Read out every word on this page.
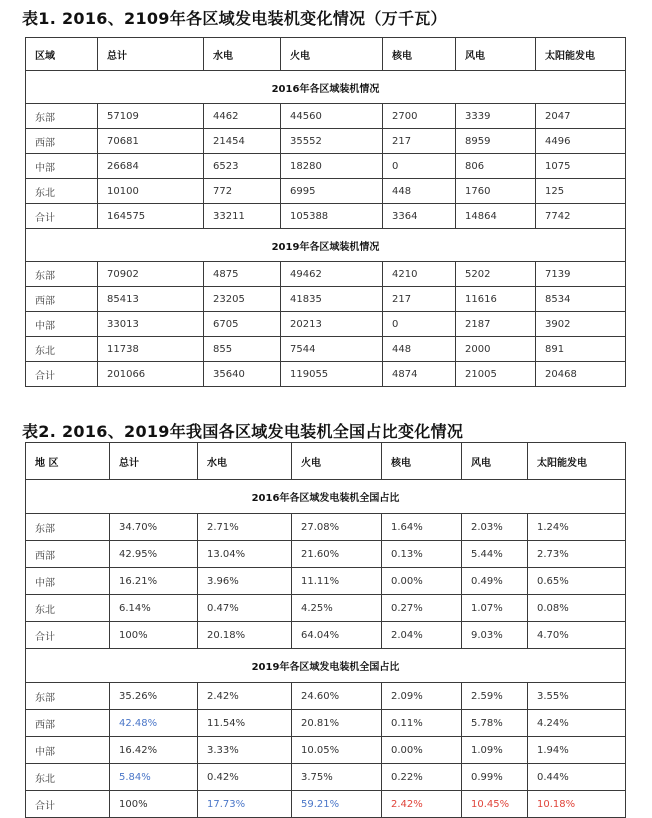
表1. 2016、2109年各区域发电装机变化情况（万千瓦）
区域	总计	水电	火电	核电	风电	太阳能发电
2016年各区域装机情况						
东部	57109	4462	44560	2700	3339	2047
西部	70681	21454	35552	217	8959	4496
中部	26684	6523	18280	0	806	1075
东北	10100	772	6995	448	1760	125
合计	164575	33211	105388	3364	14864	7742
2019年各区域装机情况						
东部	70902	4875	49462	4210	5202	7139
西部	85413	23205	41835	217	11616	8534
中部	33013	6705	20213	0	2187	3902
东北	11738	855	7544	448	2000	891
合计	201066	35640	119055	4874	21005	20468
表2. 2016、2019年我国各区域发电装机全国占比变化情况
地 区	总计	水电	火电	核电	风电	太阳能发电
2016年各区域发电装机全国占比						
东部	34.70%	2.71%	27.08%	1.64%	2.03%	1.24%
西部	42.95%	13.04%	21.60%	0.13%	5.44%	2.73%
中部	16.21%	3.96%	11.11%	0.00%	0.49%	0.65%
东北	6.14%	0.47%	4.25%	0.27%	1.07%	0.08%
合计	100%	20.18%	64.04%	2.04%	9.03%	4.70%
2019年各区域发电装机全国占比						
东部	35.26%	2.42%	24.60%	2.09%	2.59%	3.55%
西部	42.48%	11.54%	20.81%	0.11%	5.78%	4.24%
中部	16.42%	3.33%	10.05%	0.00%	1.09%	1.94%
东北	5.84%	0.42%	3.75%	0.22%	0.99%	0.44%
合计	100%	17.73%	59.21%	2.42%	10.45%	10.18%
